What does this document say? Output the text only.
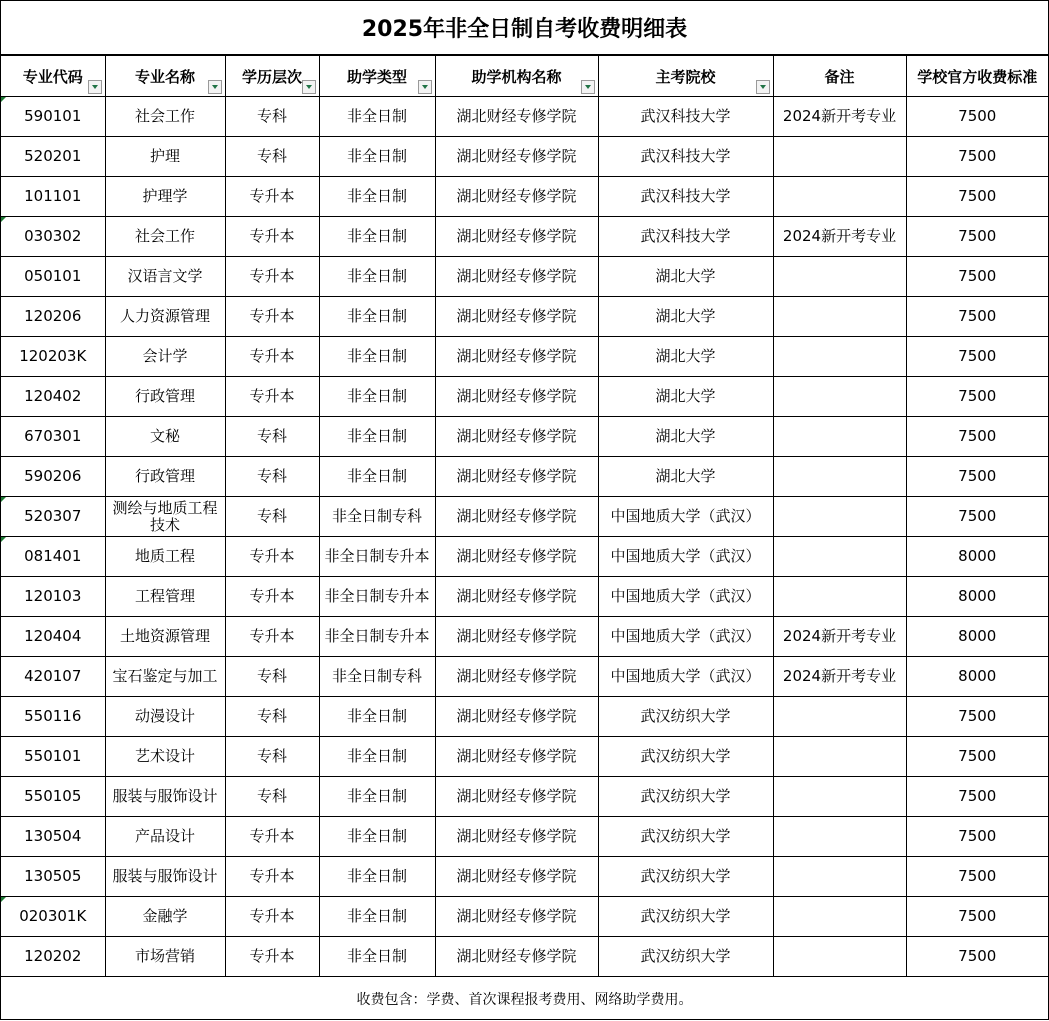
2025年非全日制自考收费明细表
专业代码	专业名称	学历层次	助学类型	助学机构名称	主考院校	备注	学校官方收费标准
590101	社会工作	专科	非全日制	湖北财经专修学院	武汉科技大学	2024新开考专业	7500
520201	护理	专科	非全日制	湖北财经专修学院	武汉科技大学		7500
101101	护理学	专升本	非全日制	湖北财经专修学院	武汉科技大学		7500
030302	社会工作	专升本	非全日制	湖北财经专修学院	武汉科技大学	2024新开考专业	7500
050101	汉语言文学	专升本	非全日制	湖北财经专修学院	湖北大学		7500
120206	人力资源管理	专升本	非全日制	湖北财经专修学院	湖北大学		7500
120203K	会计学	专升本	非全日制	湖北财经专修学院	湖北大学		7500
120402	行政管理	专升本	非全日制	湖北财经专修学院	湖北大学		7500
670301	文秘	专科	非全日制	湖北财经专修学院	湖北大学		7500
590206	行政管理	专科	非全日制	湖北财经专修学院	湖北大学		7500
520307	测绘与地质工程技术	专科	非全日制专科	湖北财经专修学院	中国地质大学（武汉）		7500
081401	地质工程	专升本	非全日制专升本	湖北财经专修学院	中国地质大学（武汉）		8000
120103	工程管理	专升本	非全日制专升本	湖北财经专修学院	中国地质大学（武汉）		8000
120404	土地资源管理	专升本	非全日制专升本	湖北财经专修学院	中国地质大学（武汉）	2024新开考专业	8000
420107	宝石鉴定与加工	专科	非全日制专科	湖北财经专修学院	中国地质大学（武汉）	2024新开考专业	8000
550116	动漫设计	专科	非全日制	湖北财经专修学院	武汉纺织大学		7500
550101	艺术设计	专科	非全日制	湖北财经专修学院	武汉纺织大学		7500
550105	服装与服饰设计	专科	非全日制	湖北财经专修学院	武汉纺织大学		7500
130504	产品设计	专升本	非全日制	湖北财经专修学院	武汉纺织大学		7500
130505	服装与服饰设计	专升本	非全日制	湖北财经专修学院	武汉纺织大学		7500
020301K	金融学	专升本	非全日制	湖北财经专修学院	武汉纺织大学		7500
120202	市场营销	专升本	非全日制	湖北财经专修学院	武汉纺织大学		7500
收费包含：学费、首次课程报考费用、网络助学费用。
